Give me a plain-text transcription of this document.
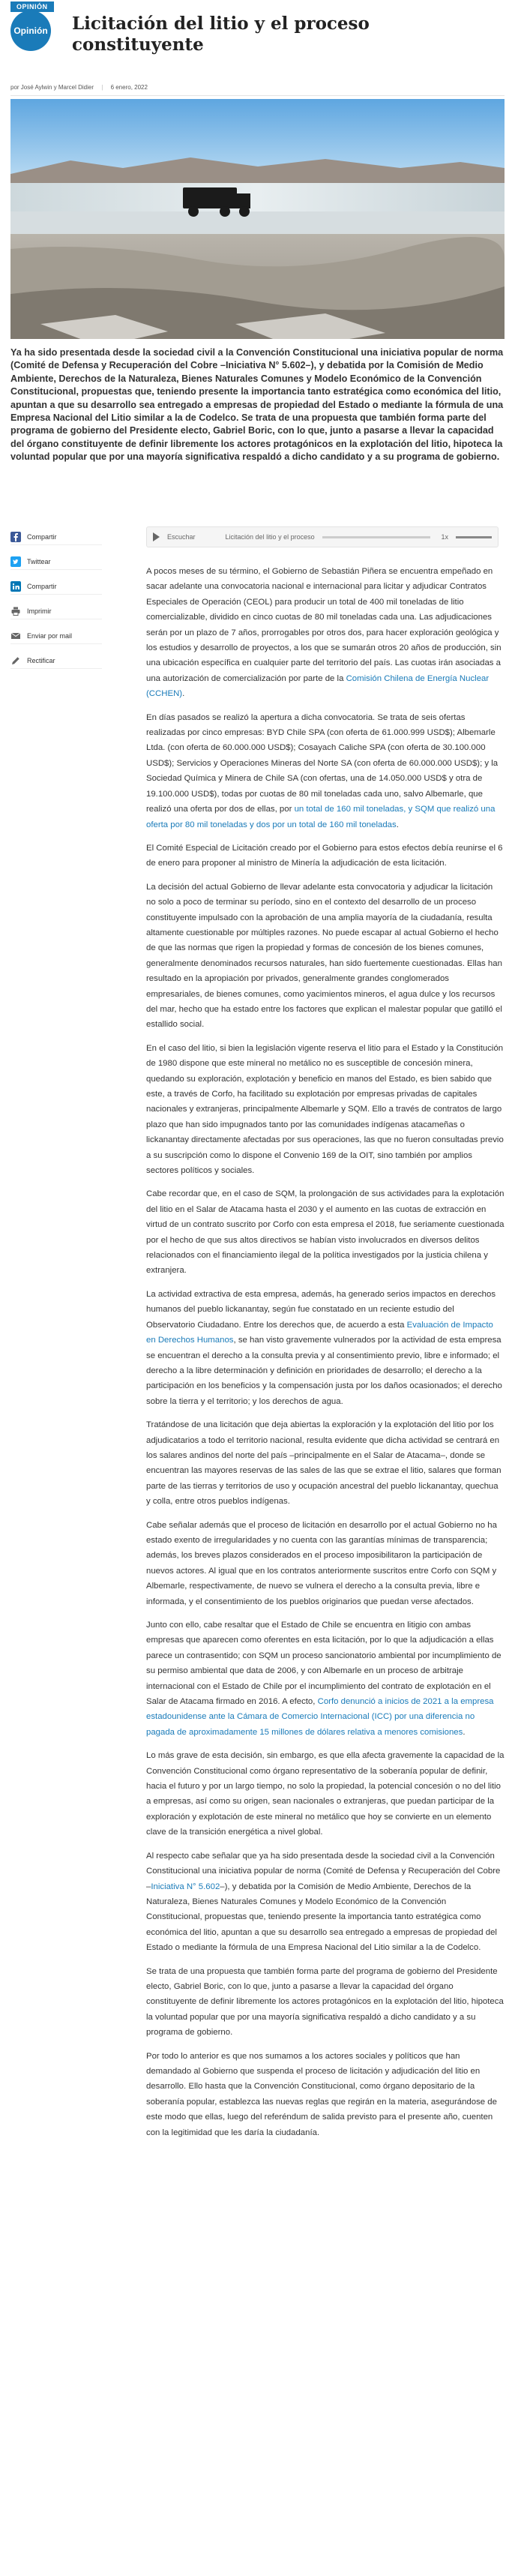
OPINIÓN
Opinión Licitación del litio y el proceso constituyente
Ya ha sido presentada desde la sociedad civil a la Convención Constitucional una iniciativa popular de norma (Comité de Defensa y Recuperación del Cobre –Iniciativa N° 5.602–), y debatida por la Comisión de Medio Ambiente, Derechos de la Naturaleza, Bienes Naturales Comunes y Modelo Económico de la Convención Constitucional, propuestas que, teniendo presente la importancia tanto estratégica como económica del litio, apuntan a que su desarrollo sea entregado a empresas de propiedad del Estado o mediante la fórmula de una Empresa Nacional del Litio similar a la de Codelco. Se trata de una propuesta que también forma parte del programa de gobierno del Presidente electo, Gabriel Boric, con lo que, junto a pasarse a llevar la capacidad del órgano constituyente de definir libremente los actores protagónicos en la explotación del litio, hipoteca la voluntad popular que por una mayoría significativa respaldó a dicho candidato y a su programa de gobierno.
Compartir
Twittear
Compartir
Imprimir
Enviar por mail
Rectificar
Escuchar	Licitación del litio y el proceso	1x

A pocos meses de su término, el Gobierno de Sebastián Piñera se encuentra empeñado en sacar adelante una convocatoria nacional e internacional para licitar y adjudicar Contratos Especiales de Operación (CEOL) para producir un total de 400 mil toneladas de litio comercializable, dividido en cinco cuotas de 80 mil toneladas cada una. Las adjudicaciones serán por un plazo de 7 años, prorrogables por otros dos, para hacer exploración geológica y los estudios y desarrollo de proyectos, a los que se sumarán otros 20 años de producción, sin una ubicación específica en cualquier parte del territorio del país. Las cuotas irán asociadas a una autorización de comercialización por parte de la Comisión Chilena de Energía Nuclear (CCHEN).

En días pasados se realizó la apertura a dicha convocatoria. Se trata de seis ofertas realizadas por cinco empresas: BYD Chile SPA (con oferta de 61.000.999 USD$); Albemarle Ltda. (con oferta de 60.000.000 USD$); Cosayach Caliche SPA (con oferta de 30.100.000 USD$); Servicios y Operaciones Mineras del Norte SA (con oferta de 60.000.000 USD$); y la Sociedad Química y Minera de Chile SA (con ofertas, una de 14.050.000 USD$ y otra de 19.100.000 USD$), todas por cuotas de 80 mil toneladas cada uno, salvo Albemarle, que realizó una oferta por dos de ellas, por un total de 160 mil toneladas, y SQM que realizó una oferta por 80 mil toneladas y dos por un total de 160 mil toneladas.

El Comité Especial de Licitación creado por el Gobierno para estos efectos debía reunirse el 6 de enero para proponer al ministro de Minería la adjudicación de esta licitación.

La decisión del actual Gobierno de llevar adelante esta convocatoria y adjudicar la licitación no solo a poco de terminar su período, sino en el contexto del desarrollo de un proceso constituyente impulsado con la aprobación de una amplia mayoría de la ciudadanía, resulta altamente cuestionable por múltiples razones. No puede escapar al actual Gobierno el hecho de que las normas que rigen la propiedad y formas de concesión de los bienes comunes, generalmente denominados recursos naturales, han sido fuertemente cuestionadas. Ellas han resultado en la apropiación por privados, generalmente grandes conglomerados empresariales, de bienes comunes, como yacimientos mineros, el agua dulce y los recursos del mar, hecho que ha estado entre los factores que explican el malestar popular que gatilló el estallido social.

En el caso del litio, si bien la legislación vigente reserva el litio para el Estado y la Constitución de 1980 dispone que este mineral no metálico no es susceptible de concesión minera, quedando su exploración, explotación y beneficio en manos del Estado, es bien sabido que este, a través de Corfo, ha facilitado su explotación por empresas privadas de capitales nacionales y extranjeras, principalmente Albemarle y SQM. Ello a través de contratos de largo plazo que han sido impugnados tanto por las comunidades indígenas atacameñas o lickanantay directamente afectadas por sus operaciones, las que no fueron consultadas previo a su suscripción como lo dispone el Convenio 169 de la OIT, sino también por amplios sectores políticos y sociales.

Cabe recordar que, en el caso de SQM, la prolongación de sus actividades para la explotación del litio en el Salar de Atacama hasta el 2030 y el aumento en las cuotas de extracción en virtud de un contrato suscrito por Corfo con esta empresa el 2018, fue seriamente cuestionada por el hecho de que sus altos directivos se habían visto involucrados en diversos delitos relacionados con el financiamiento ilegal de la política investigados por la justicia chilena y extranjera.

La actividad extractiva de esta empresa, además, ha generado serios impactos en derechos humanos del pueblo lickanantay, según fue constatado en un reciente estudio del Observatorio Ciudadano. Entre los derechos que, de acuerdo a esta Evaluación de Impacto en Derechos Humanos, se han visto gravemente vulnerados por la actividad de esta empresa se encuentran el derecho a la consulta previa y al consentimiento previo, libre e informado; el derecho a la libre determinación y definición en prioridades de desarrollo; el derecho a la participación en los beneficios y la compensación justa por los daños ocasionados; el derecho sobre la tierra y el territorio; y los derechos de agua.

Tratándose de una licitación que deja abiertas la exploración y la explotación del litio por los adjudicatarios a todo el territorio nacional, resulta evidente que dicha actividad se centrará en los salares andinos del norte del país –principalmente en el Salar de Atacama–, donde se encuentran las mayores reservas de las sales de las que se extrae el litio, salares que forman parte de las tierras y territorios de uso y ocupación ancestral del pueblo lickanantay, quechua y colla, entre otros pueblos indígenas.

Cabe señalar además que el proceso de licitación en desarrollo por el actual Gobierno no ha estado exento de irregularidades y no cuenta con las garantías mínimas de transparencia; además, los breves plazos considerados en el proceso imposibilitaron la participación de nuevos actores. Al igual que en los contratos anteriormente suscritos entre Corfo con SQM y Albemarle, respectivamente, de nuevo se vulnera el derecho a la consulta previa, libre e informada, y el consentimiento de los pueblos originarios que puedan verse afectados.

Junto con ello, cabe resaltar que el Estado de Chile se encuentra en litigio con ambas empresas que aparecen como oferentes en esta licitación, por lo que la adjudicación a ellas parece un contrasentido; con SQM un proceso sancionatorio ambiental por incumplimiento de su permiso ambiental que data de 2006, y con Albemarle en un proceso de arbitraje internacional con el Estado de Chile por el incumplimiento del contrato de explotación en el Salar de Atacama firmado en 2016. A efecto, Corfo denunció a inicios de 2021 a la empresa estadounidense ante la Cámara de Comercio Internacional (ICC) por una diferencia no pagada de aproximadamente 15 millones de dólares relativa a menores comisiones.

Lo más grave de esta decisión, sin embargo, es que ella afecta gravemente la capacidad de la Convención Constitucional como órgano representativo de la soberanía popular de definir, hacia el futuro y por un largo tiempo, no solo la propiedad, la potencial concesión o no del litio a empresas, así como su origen, sean nacionales o extranjeras, que puedan participar de la exploración y explotación de este mineral no metálico que hoy se convierte en un elemento clave de la transición energética a nivel global.

Al respecto cabe señalar que ya ha sido presentada desde la sociedad civil a la Convención Constitucional una iniciativa popular de norma (Comité de Defensa y Recuperación del Cobre –Iniciativa N° 5.602–), y debatida por la Comisión de Medio Ambiente, Derechos de la Naturaleza, Bienes Naturales Comunes y Modelo Económico de la Convención Constitucional, propuestas que, teniendo presente la importancia tanto estratégica como económica del litio, apuntan a que su desarrollo sea entregado a empresas de propiedad del Estado o mediante la fórmula de una Empresa Nacional del Litio similar a la de Codelco.

Se trata de una propuesta que también forma parte del programa de gobierno del Presidente electo, Gabriel Boric, con lo que, junto a pasarse a llevar la capacidad del órgano constituyente de definir libremente los actores protagónicos en la explotación del litio, hipoteca la voluntad popular que por una mayoría significativa respaldó a dicho candidato y a su programa de gobierno.

Por todo lo anterior es que nos sumamos a los actores sociales y políticos que han demandado al Gobierno que suspenda el proceso de licitación y adjudicación del litio en desarrollo. Ello hasta que la Convención Constitucional, como órgano depositario de la soberanía popular, establezca las nuevas reglas que regirán en la materia, asegurándose de este modo que ellas, luego del referéndum de salida previsto para el presente año, cuenten con la legitimidad que les daría la ciudadanía.

por José Aylwin y Marcel Didier | 6 enero, 2022
